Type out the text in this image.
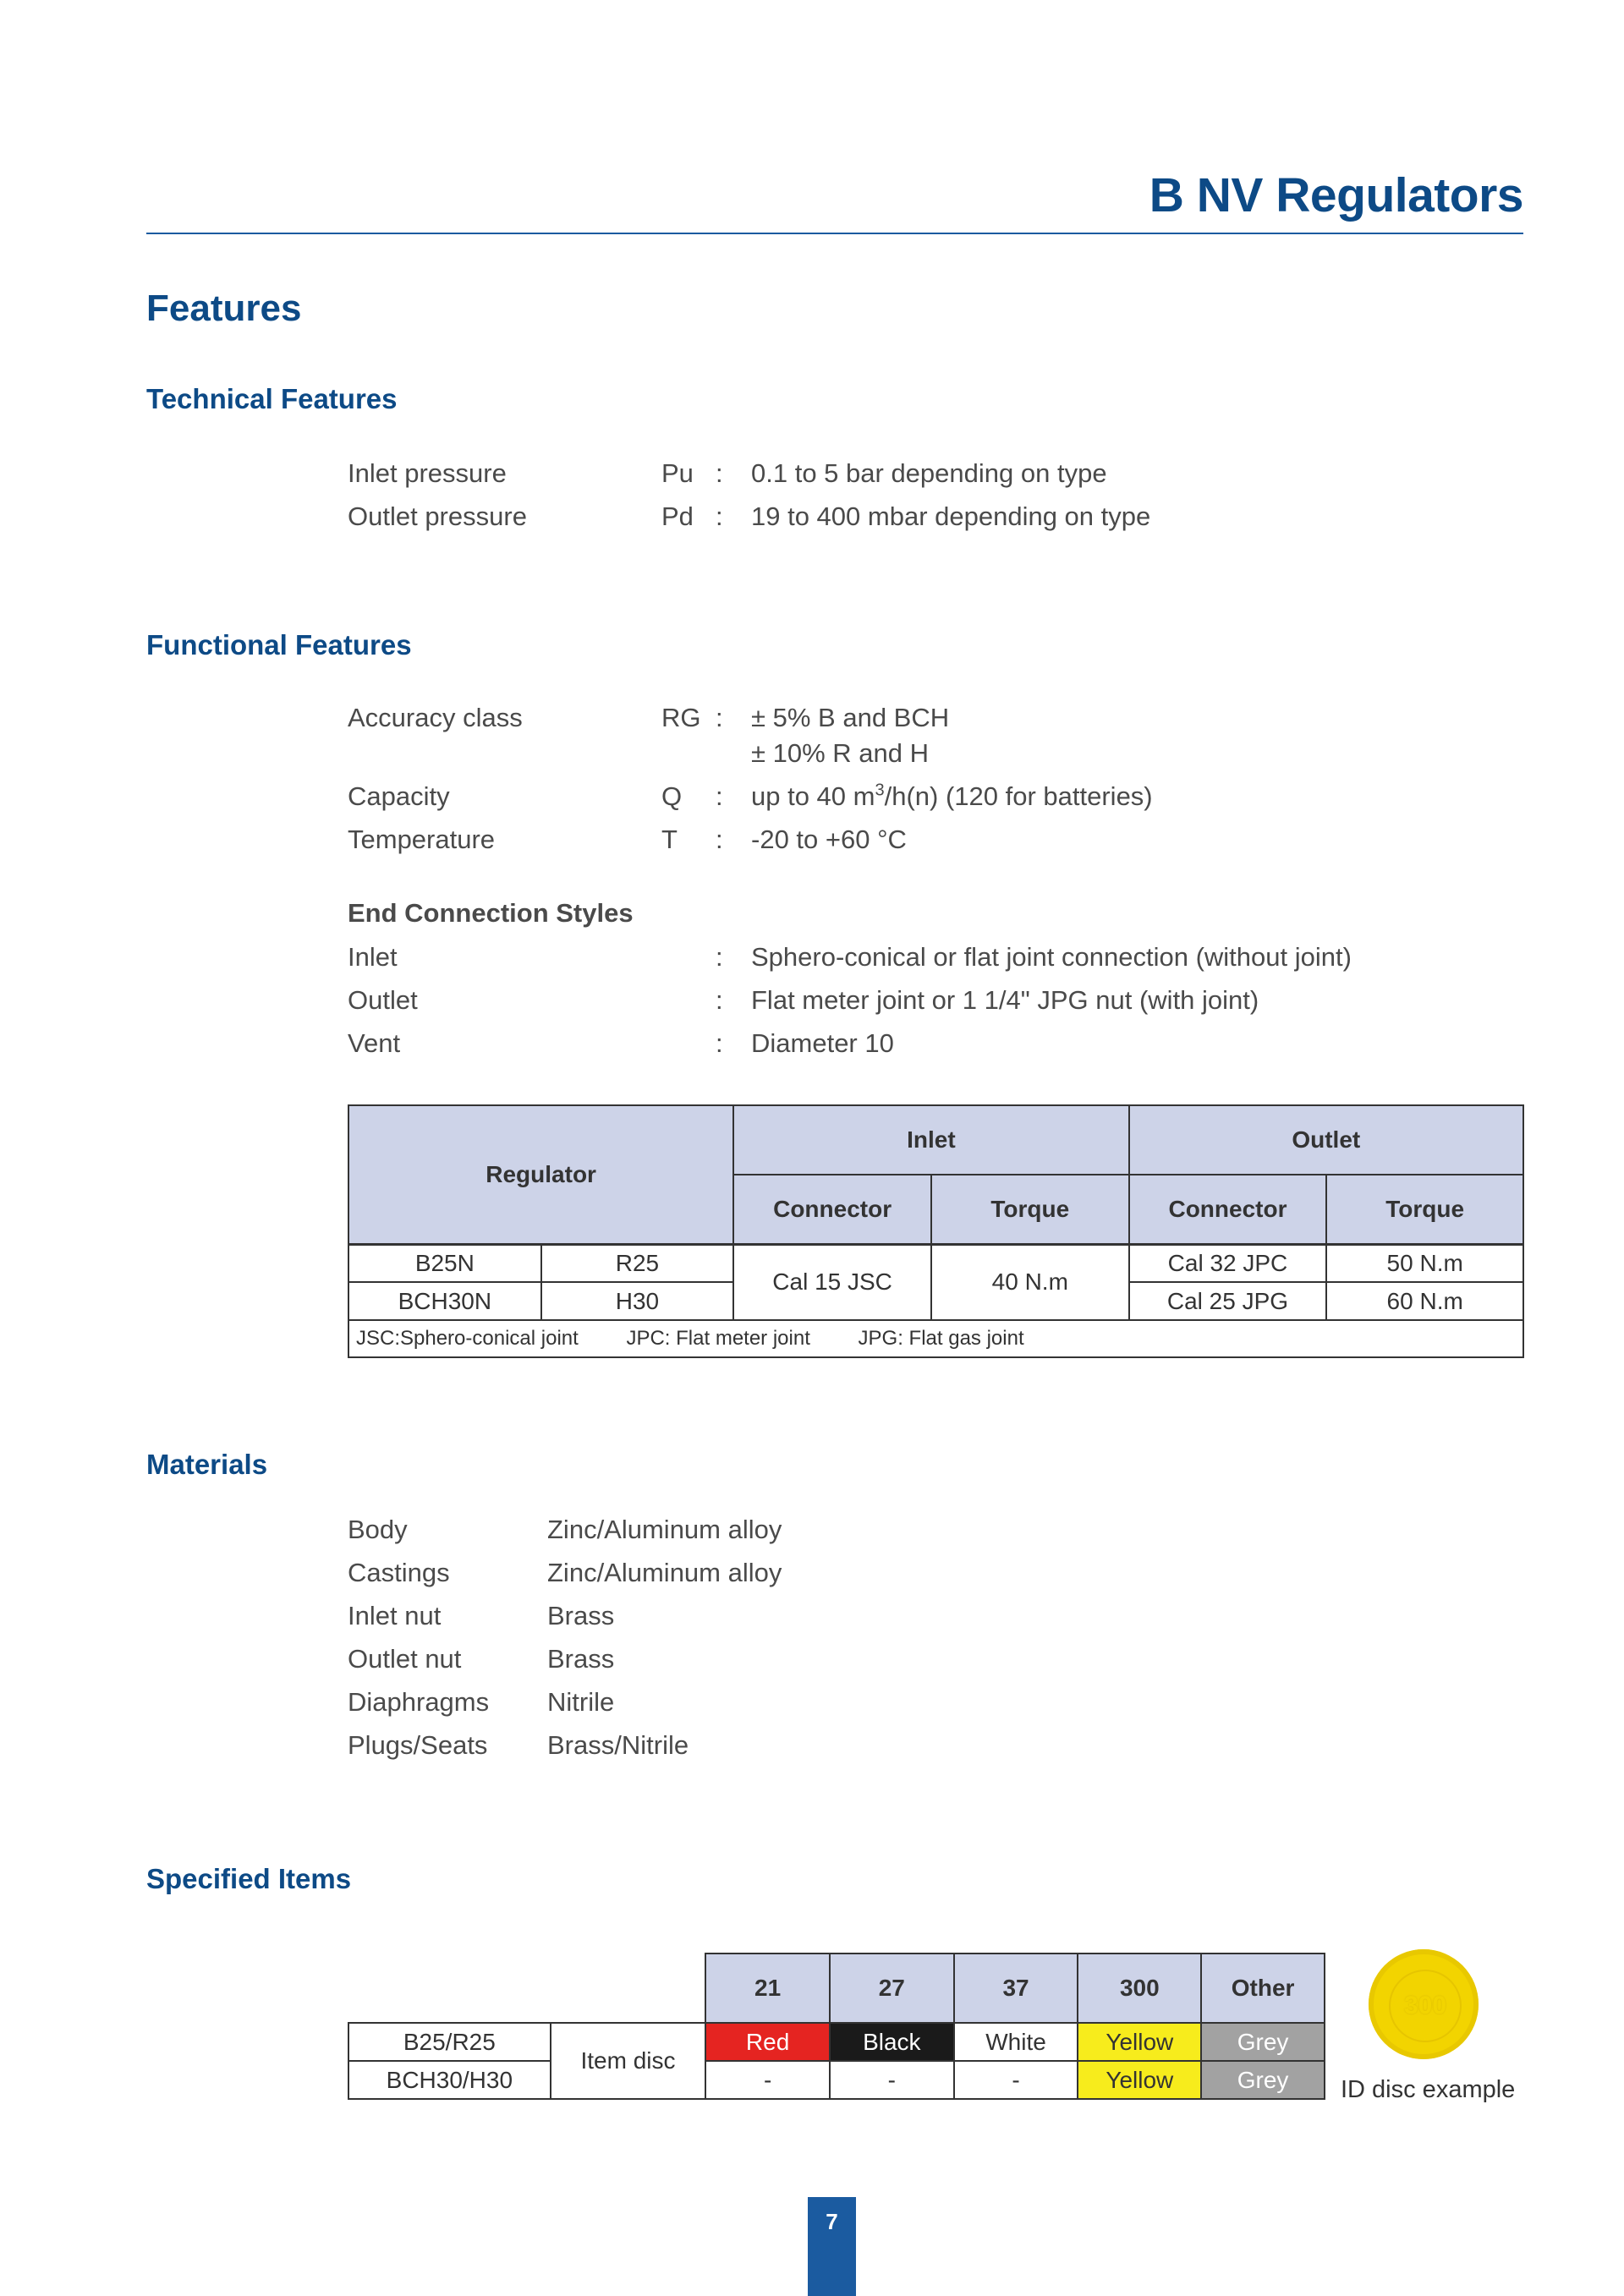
B NV Regulators
Features
Technical Features
Inlet pressure	Pu : 0.1 to 5 bar depending on type
Outlet pressure	Pd : 19 to 400 mbar depending on type
Functional Features
Accuracy class	RG : ± 5% B and BCH
± 10% R and H
Capacity	Q : up to 40 $m^3/h(n)$ (120 for batteries)
Temperature	T : -20 to +60 °C
End Connection Styles
Inlet	: Sphero-conical or flat joint connection (without joint)
Outlet	: Flat meter joint or 1 1/4" JPG nut (with joint)
Vent	: Diameter 10
Regulator		Inlet		Outlet	
		Connector	Torque	Connector	Torque
B25N	R25	Cal 15 JSC	40 N.m	Cal 32 JPC	50 N.m
BCH30N	H30			Cal 25 JPG	60 N.m
JSC:Sphero-conical joint JPC: Flat meter joint JPG: Flat gas joint					
Materials
Body	Zinc/Aluminum alloy
Castings	Zinc/Aluminum alloy
Inlet nut	Brass
Outlet nut	Brass
Diaphragms Nitrile
Plugs/Seats Brass/Nitrile
Specified Items
		21	27	37	300	Other
B25/R25	Item disc	Red	Black	White	Yellow	Grey
BCH30/H30		-	-	-	Yellow	Grey
300
ID disc example
7
